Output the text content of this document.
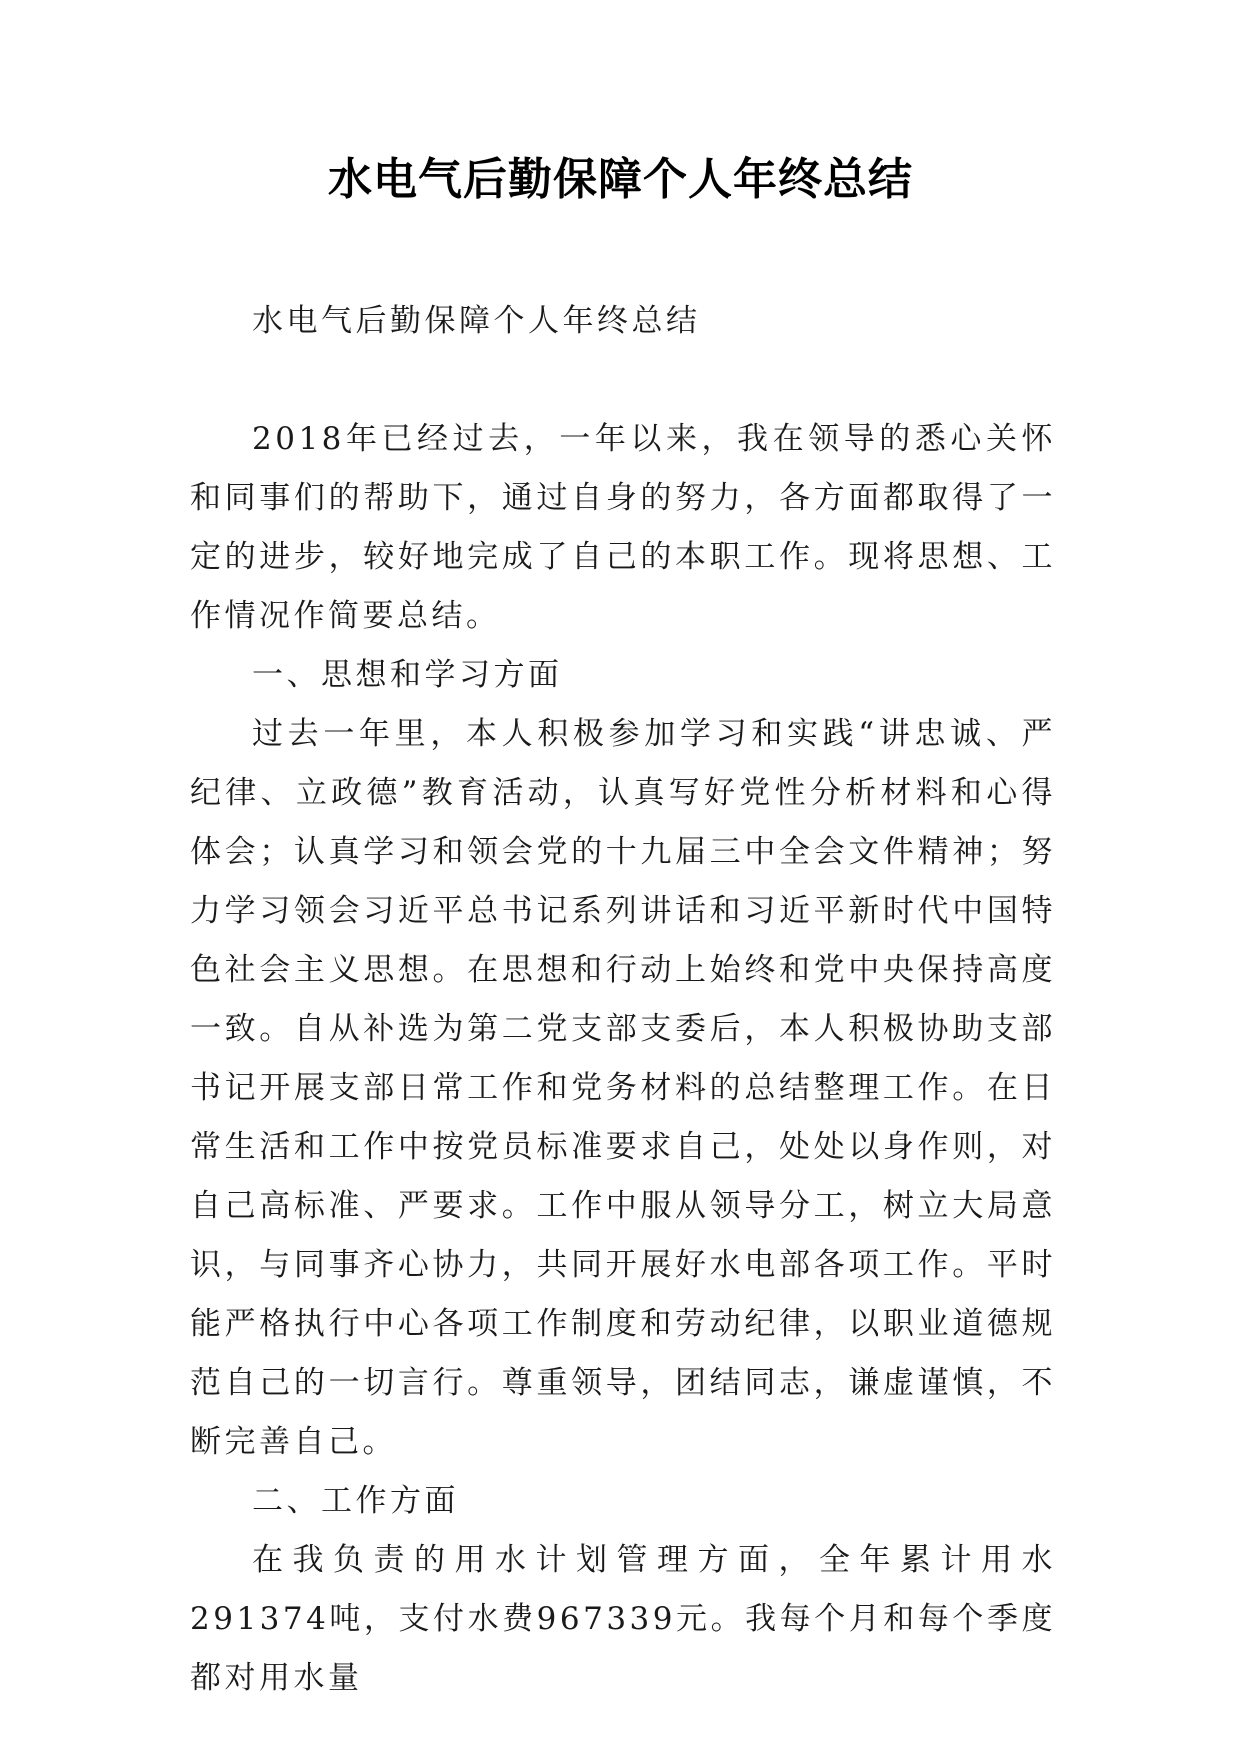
水电气后勤保障个人年终总结

水电气后勤保障个人年终总结

2018年已经过去，一年以来，我在领导的悉心关怀和同事们的帮助下，通过自身的努力，各方面都取得了一定的进步，较好地完成了自己的本职工作。现将思想、工作情况作简要总结。

一、思想和学习方面

过去一年里，本人积极参加学习和实践“讲忠诚、严纪律、立政德”教育活动，认真写好党性分析材料和心得体会；认真学习和领会党的十九届三中全会文件精神；努力学习领会习近平总书记系列讲话和习近平新时代中国特色社会主义思想。在思想和行动上始终和党中央保持高度一致。自从补选为第二党支部支委后，本人积极协助支部书记开展支部日常工作和党务材料的总结整理工作。在日常生活和工作中按党员标准要求自己，处处以身作则，对自己高标准、严要求。工作中服从领导分工，树立大局意识，与同事齐心协力，共同开展好水电部各项工作。平时能严格执行中心各项工作制度和劳动纪律，以职业道德规范自己的一切言行。尊重领导，团结同志，谦虚谨慎，不断完善自己。

二、工作方面

在我负责的用水计划管理方面，全年累计用水291374吨，支付水费967339元。我每个月和每个季度都对用水量
